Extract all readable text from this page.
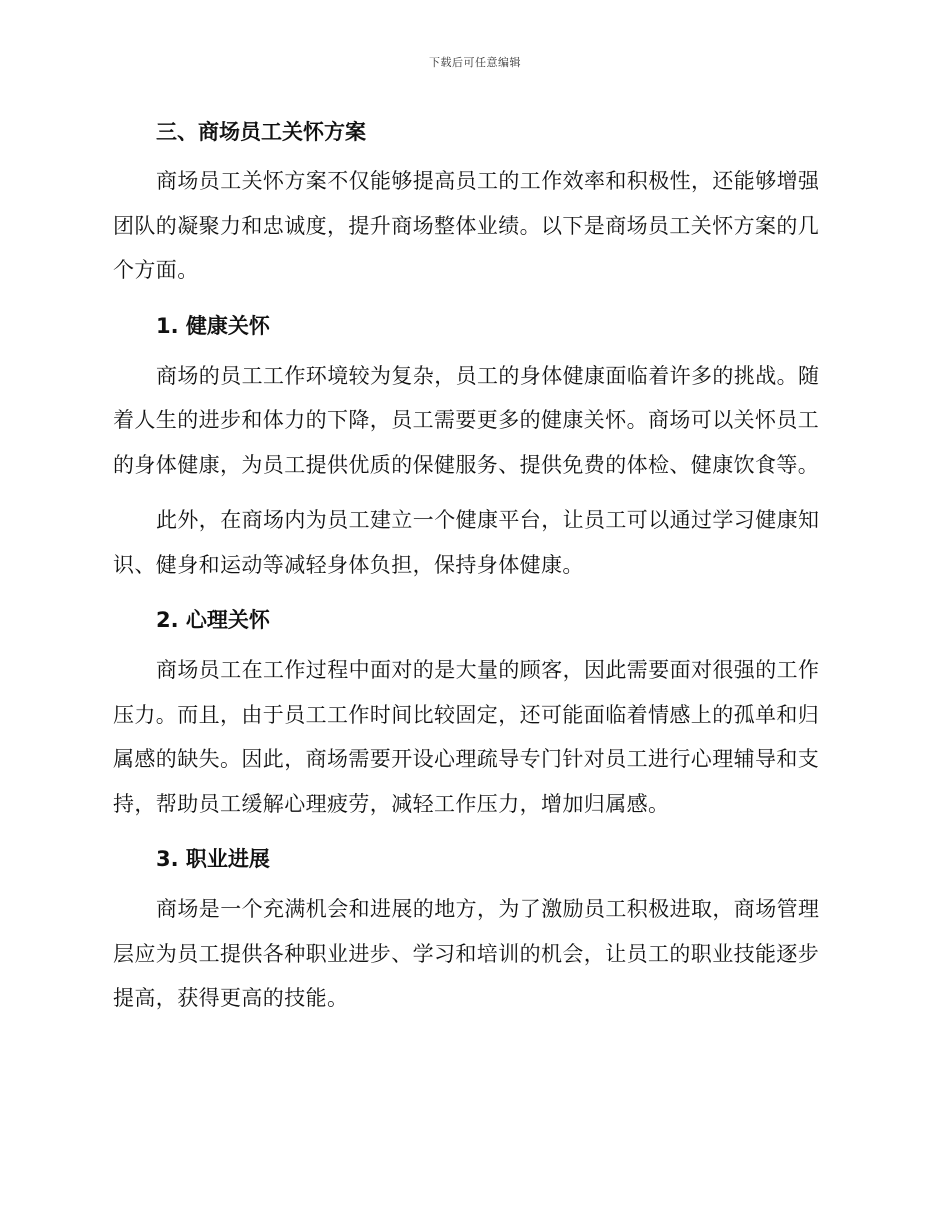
下载后可任意编辑
三、商场员工关怀方案
商场员工关怀方案不仅能够提高员工的工作效率和积极性，还能够增强
团队的凝聚力和忠诚度，提升商场整体业绩。以下是商场员工关怀方案的几
个方面。
1. 健康关怀
商场的员工工作环境较为复杂，员工的身体健康面临着许多的挑战。随
着人生的进步和体力的下降，员工需要更多的健康关怀。商场可以关怀员工
的身体健康，为员工提供优质的保健服务、提供免费的体检、健康饮食等。
此外，在商场内为员工建立一个健康平台，让员工可以通过学习健康知
识、健身和运动等减轻身体负担，保持身体健康。
2. 心理关怀
商场员工在工作过程中面对的是大量的顾客，因此需要面对很强的工作
压力。而且，由于员工工作时间比较固定，还可能面临着情感上的孤单和归
属感的缺失。因此，商场需要开设心理疏导专门针对员工进行心理辅导和支
持，帮助员工缓解心理疲劳，减轻工作压力，增加归属感。
3. 职业进展
商场是一个充满机会和进展的地方，为了激励员工积极进取，商场管理
层应为员工提供各种职业进步、学习和培训的机会，让员工的职业技能逐步
提高，获得更高的技能。
